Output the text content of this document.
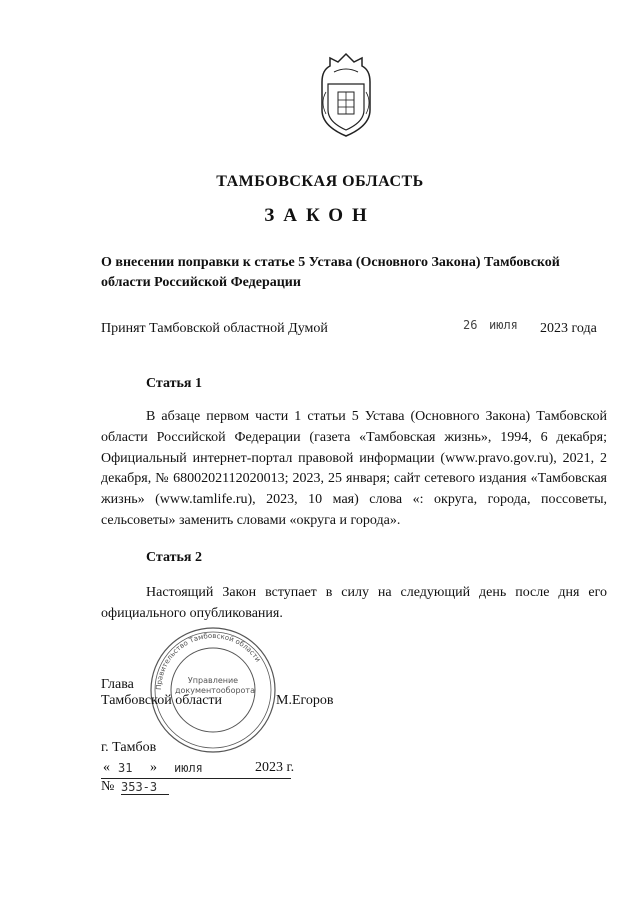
ТАМБОВСКАЯ ОБЛАСТЬ
ЗАКОН
О внесении поправки к статье 5 Устава (Основного Закона) Тамбовской области Российской Федерации
Принят Тамбовской областной Думой	26 июля 2023 года
Статья 1
В абзаце первом части 1 статьи 5 Устава (Основного Закона) Тамбовской области Российской Федерации (газета «Тамбовская жизнь», 1994, 6 декабря; Официальный интернет-портал правовой информации (www.pravo.gov.ru), 2021, 2 декабря, № 6800202112020013; 2023, 25 января; сайт сетевого издания «Тамбовская жизнь» (www.tamlife.ru), 2023, 10 мая) слова «: округа, города, поссоветы, сельсоветы» заменить словами «округа и города».
Статья 2
Настоящий Закон вступает в силу на следующий день после дня его официального опубликования.
Правительство Тамбовской области
Управление документооборота
Глава
Тамбовской области	М.Егоров
г. Тамбов
« 31 » июля	2023 г.
№ 353-З
